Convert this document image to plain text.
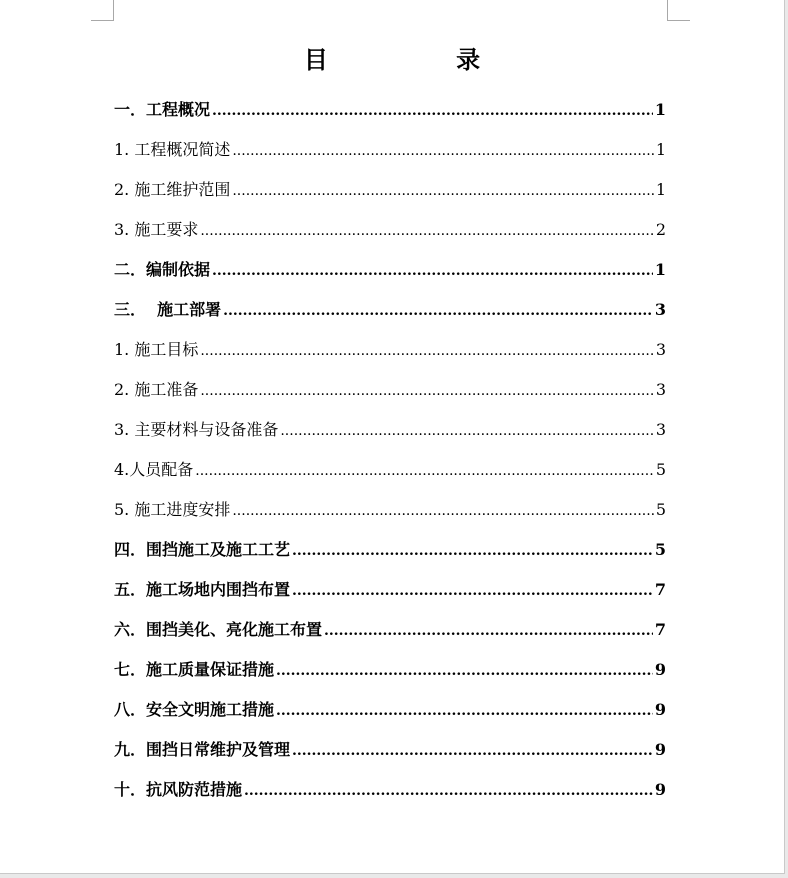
目 录
一．工程概况 .....	1
1. 工程概况简述 .....	1
2. 施工维护范围 .....	1
3. 施工要求 .....	2
二．编制依据 .....	1
三．  施工部署 .....	3
1. 施工目标 .....	3
2. 施工准备 .....	3
3. 主要材料与设备准备 .....	3
4.人员配备 .....	5
5. 施工进度安排 .....	5
四．围挡施工及施工工艺 .....	5
五．施工场地内围挡布置 .....	7
六．围挡美化、亮化施工布置 .....	7
七．施工质量保证措施 .....	9
八．安全文明施工措施 .....	9
九．围挡日常维护及管理 .....	9
十．抗风防范措施 .....	9
